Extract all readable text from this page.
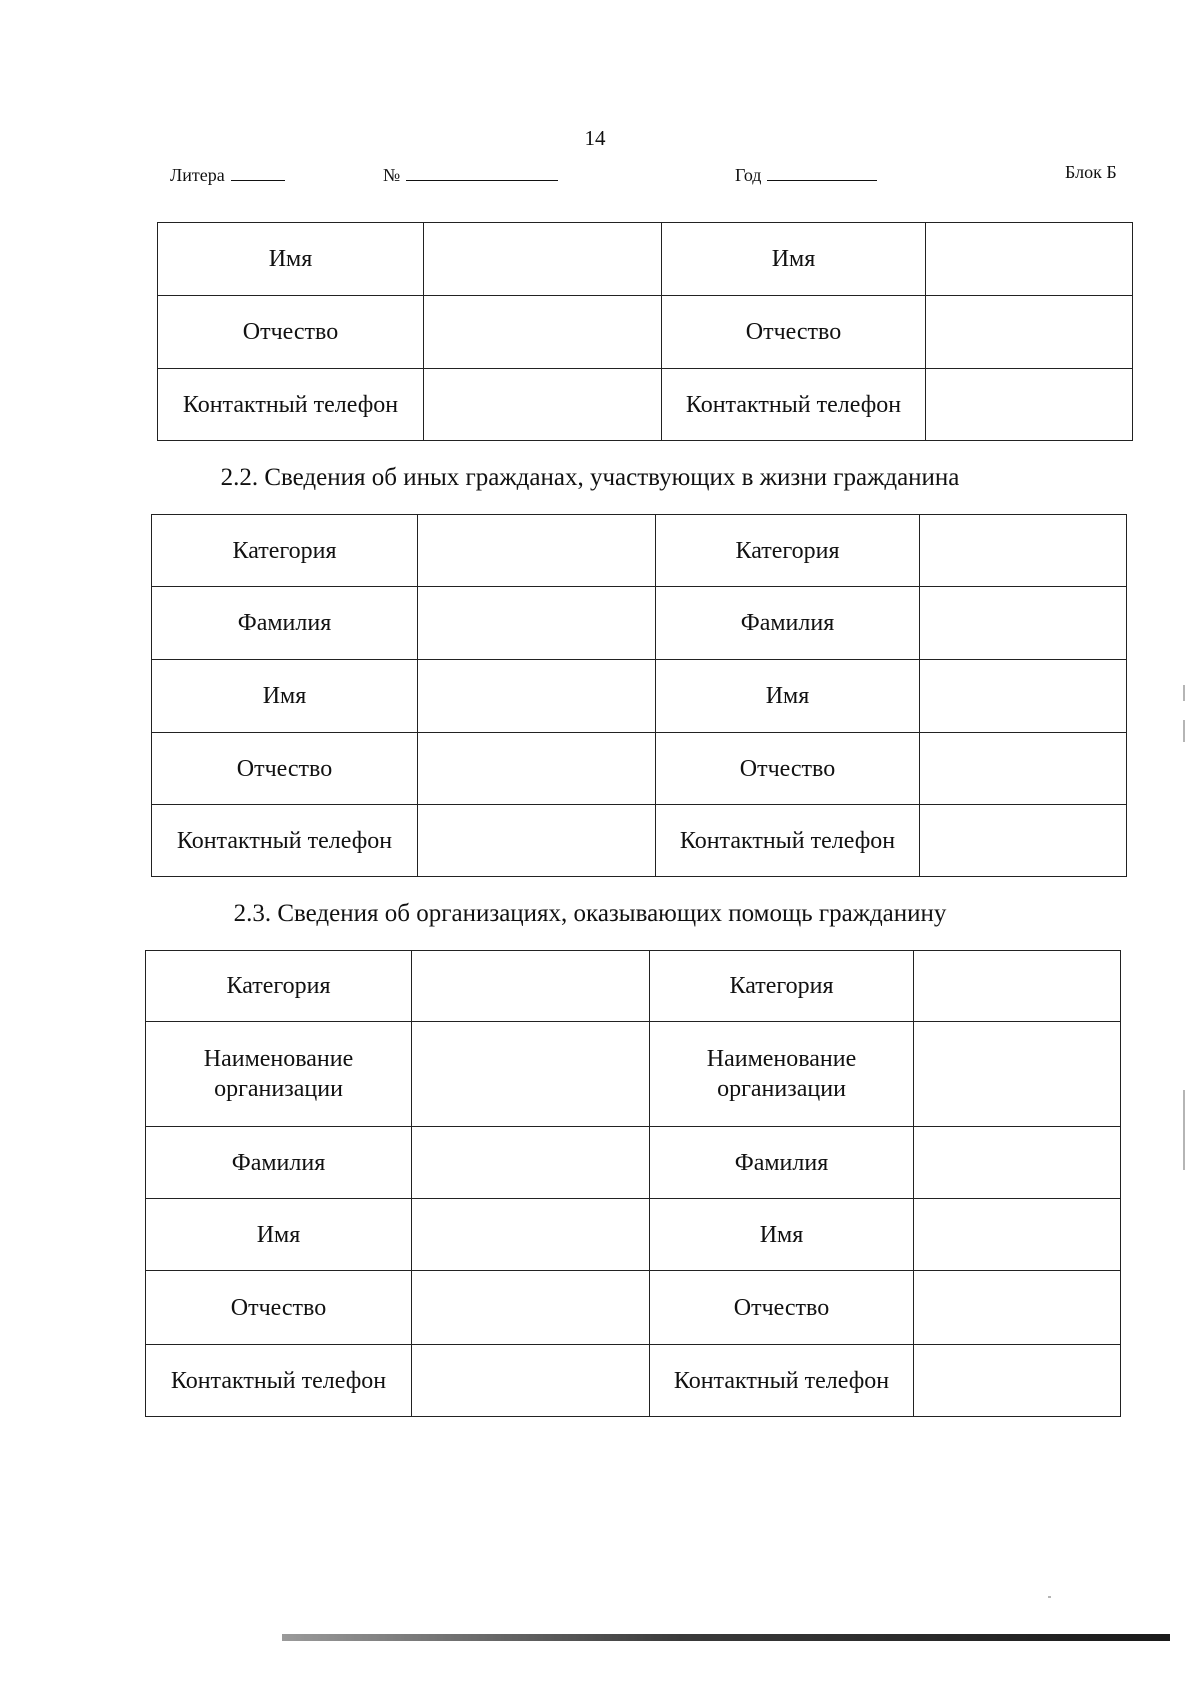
14
Литера	№	Год	Блок Б
Имя		Имя	
Отчество		Отчество	
Контактный телефон		Контактный телефон	
2.2. Сведения об иных гражданах, участвующих в жизни гражданина
Категория		Категория	
Фамилия		Фамилия	
Имя		Имя	
Отчество		Отчество	
Контактный телефон		Контактный телефон	
2.3. Сведения об организациях, оказывающих помощь гражданину
Категория		Категория	
Наименование организации		Наименование организации	
Фамилия		Фамилия	
Имя		Имя	
Отчество		Отчество	
Контактный телефон		Контактный телефон	
